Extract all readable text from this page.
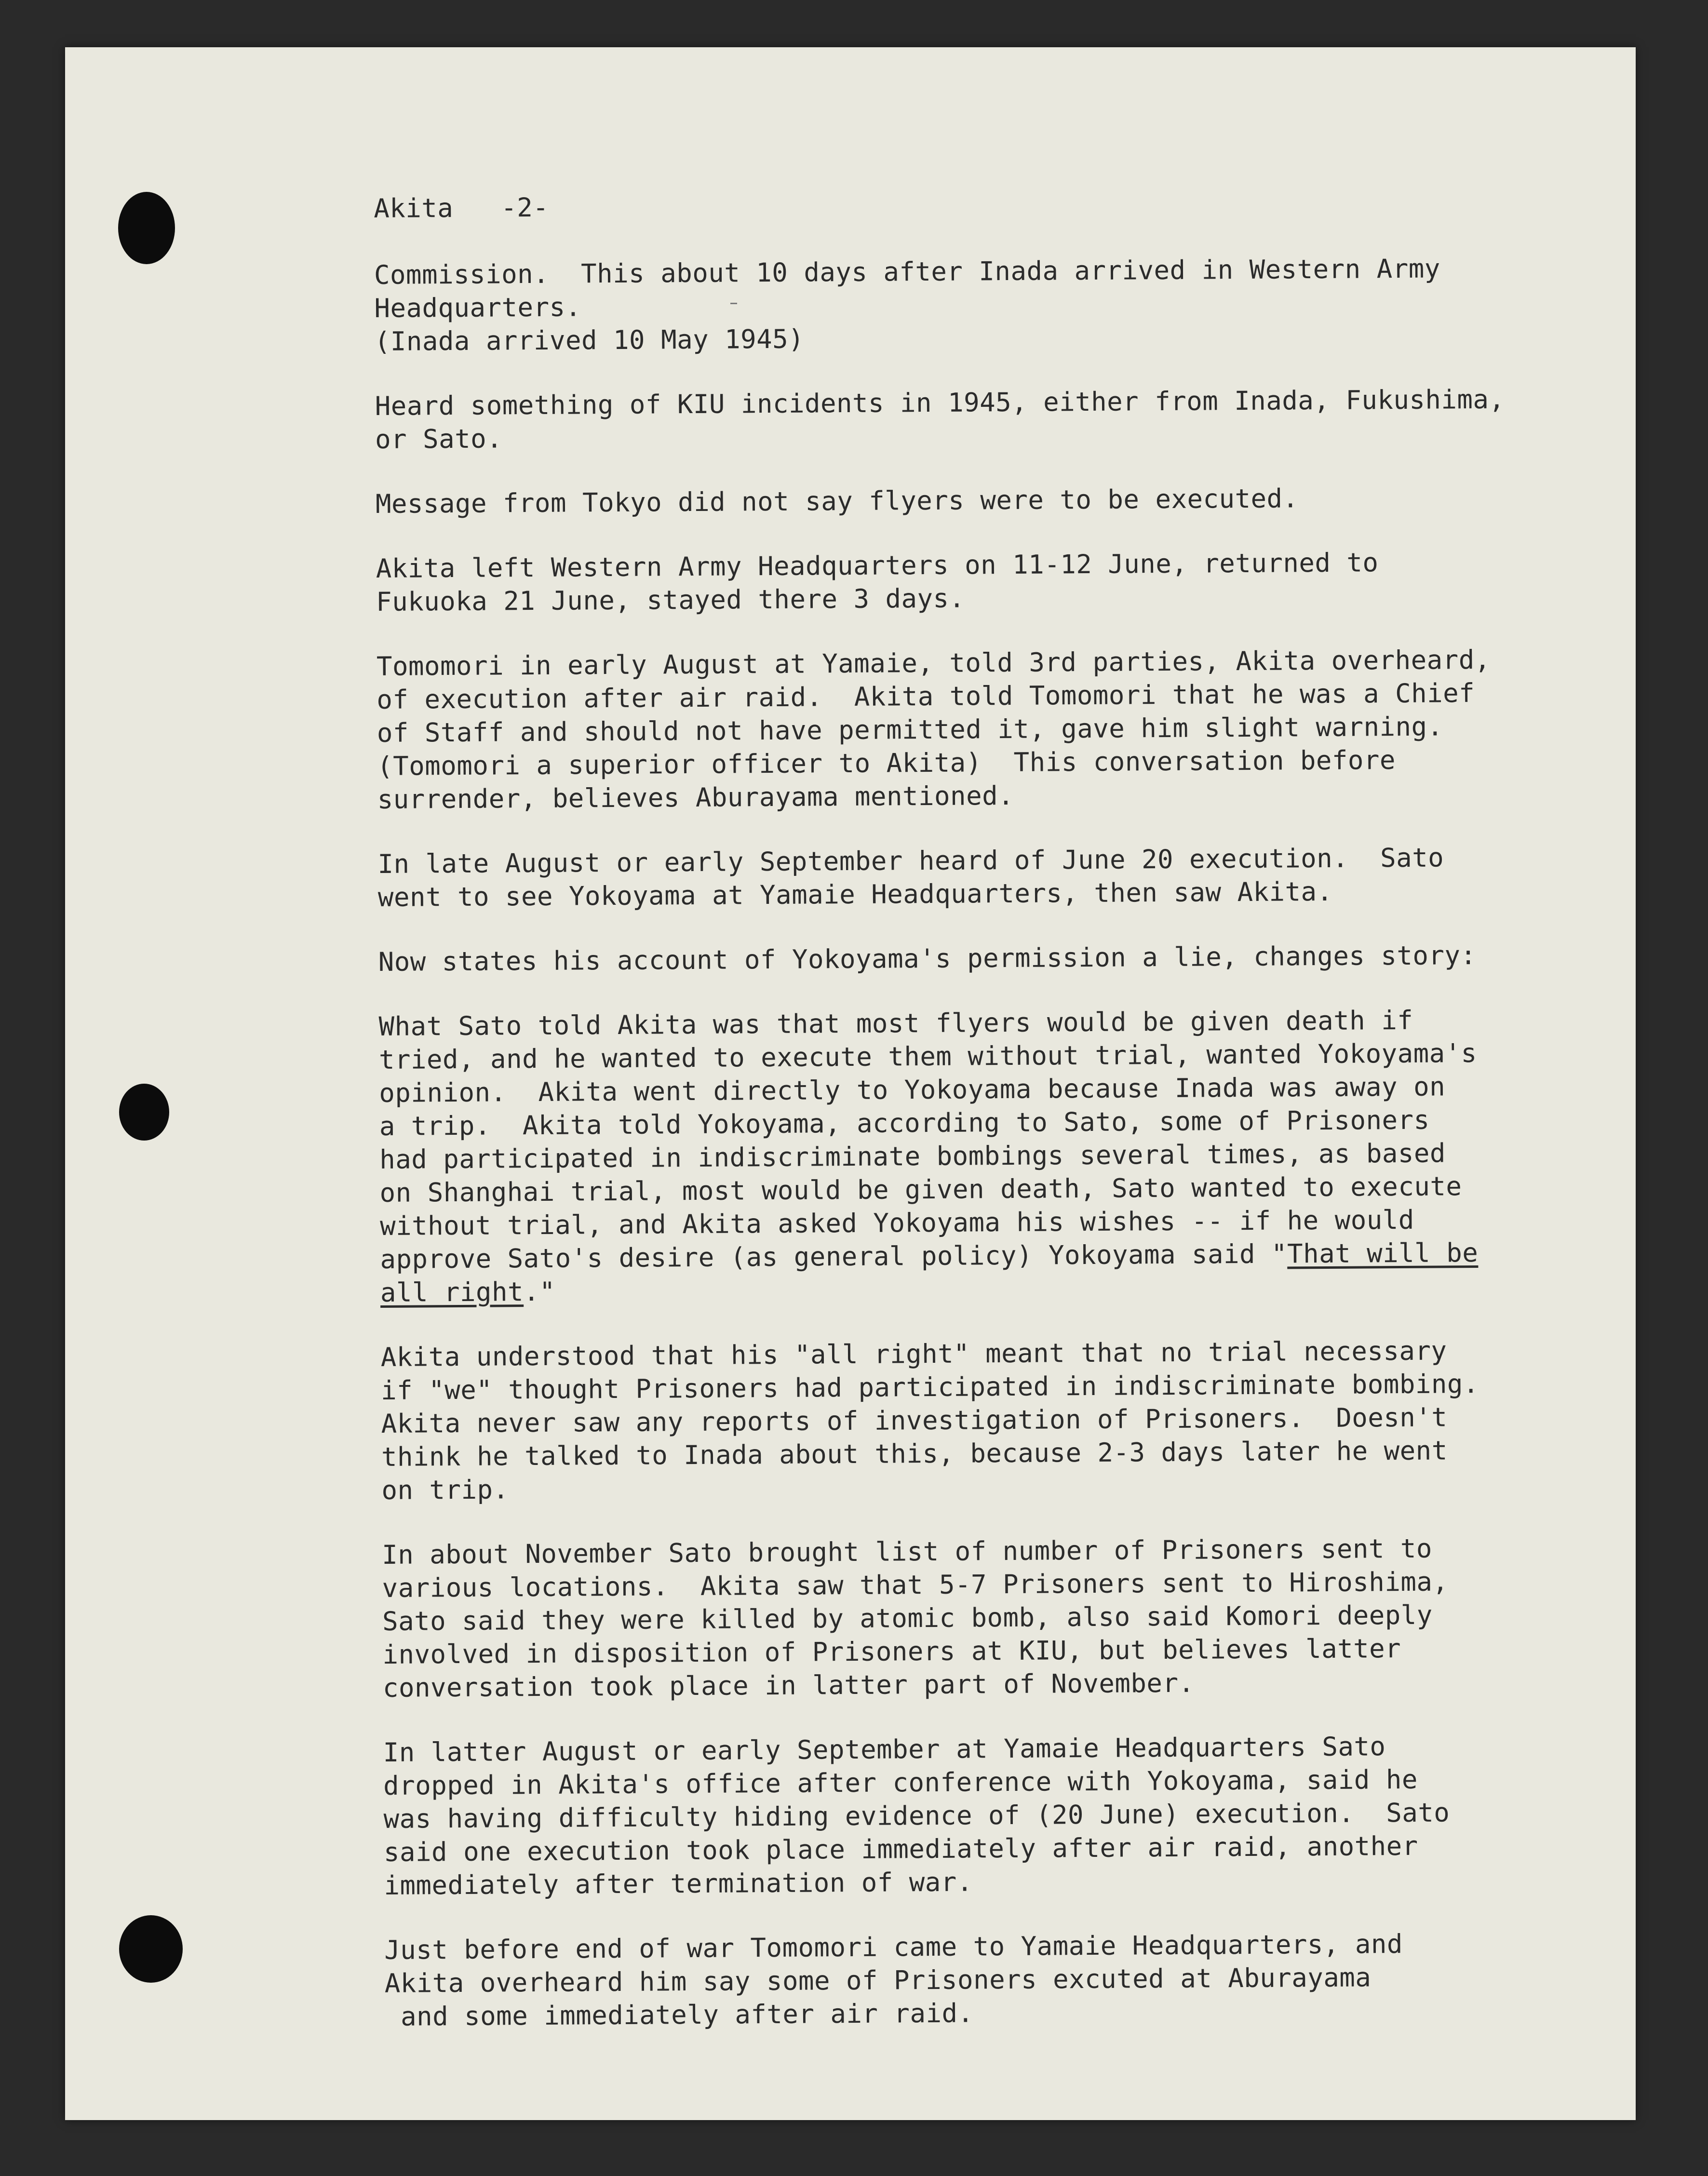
Akita   -2-
Commission.  This about 10 days after Inada arrived in Western Army
Headquarters.
(Inada arrived 10 May 1945)
Heard something of KIU incidents in 1945, either from Inada, Fukushima,
or Sato.
Message from Tokyo did not say flyers were to be executed.
Akita left Western Army Headquarters on 11-12 June, returned to
Fukuoka 21 June, stayed there 3 days.
Tomomori in early August at Yamaie, told 3rd parties, Akita overheard,
of execution after air raid.  Akita told Tomomori that he was a Chief
of Staff and should not have permitted it, gave him slight warning.
(Tomomori a superior officer to Akita)  This conversation before
surrender, believes Aburayama mentioned.
In late August or early September heard of June 20 execution.  Sato
went to see Yokoyama at Yamaie Headquarters, then saw Akita.
Now states his account of Yokoyama's permission a lie, changes story:
What Sato told Akita was that most flyers would be given death if
tried, and he wanted to execute them without trial, wanted Yokoyama's
opinion.  Akita went directly to Yokoyama because Inada was away on
a trip.  Akita told Yokoyama, according to Sato, some of Prisoners
had participated in indiscriminate bombings several times, as based
on Shanghai trial, most would be given death, Sato wanted to execute
without trial, and Akita asked Yokoyama his wishes -- if he would
approve Sato's desire (as general policy) Yokoyama said "That will be
all right."
Akita understood that his "all right" meant that no trial necessary
if "we" thought Prisoners had participated in indiscriminate bombing.
Akita never saw any reports of investigation of Prisoners.  Doesn't
think he talked to Inada about this, because 2-3 days later he went
on trip.
In about November Sato brought list of number of Prisoners sent to
various locations.  Akita saw that 5-7 Prisoners sent to Hiroshima,
Sato said they were killed by atomic bomb, also said Komori deeply
involved in disposition of Prisoners at KIU, but believes latter
conversation took place in latter part of November.
In latter August or early September at Yamaie Headquarters Sato
dropped in Akita's office after conference with Yokoyama, said he
was having difficulty hiding evidence of (20 June) execution.  Sato
said one execution took place immediately after air raid, another
immediately after termination of war.
Just before end of war Tomomori came to Yamaie Headquarters, and
Akita overheard him say some of Prisoners excuted at Aburayama
and some immediately after air raid.
